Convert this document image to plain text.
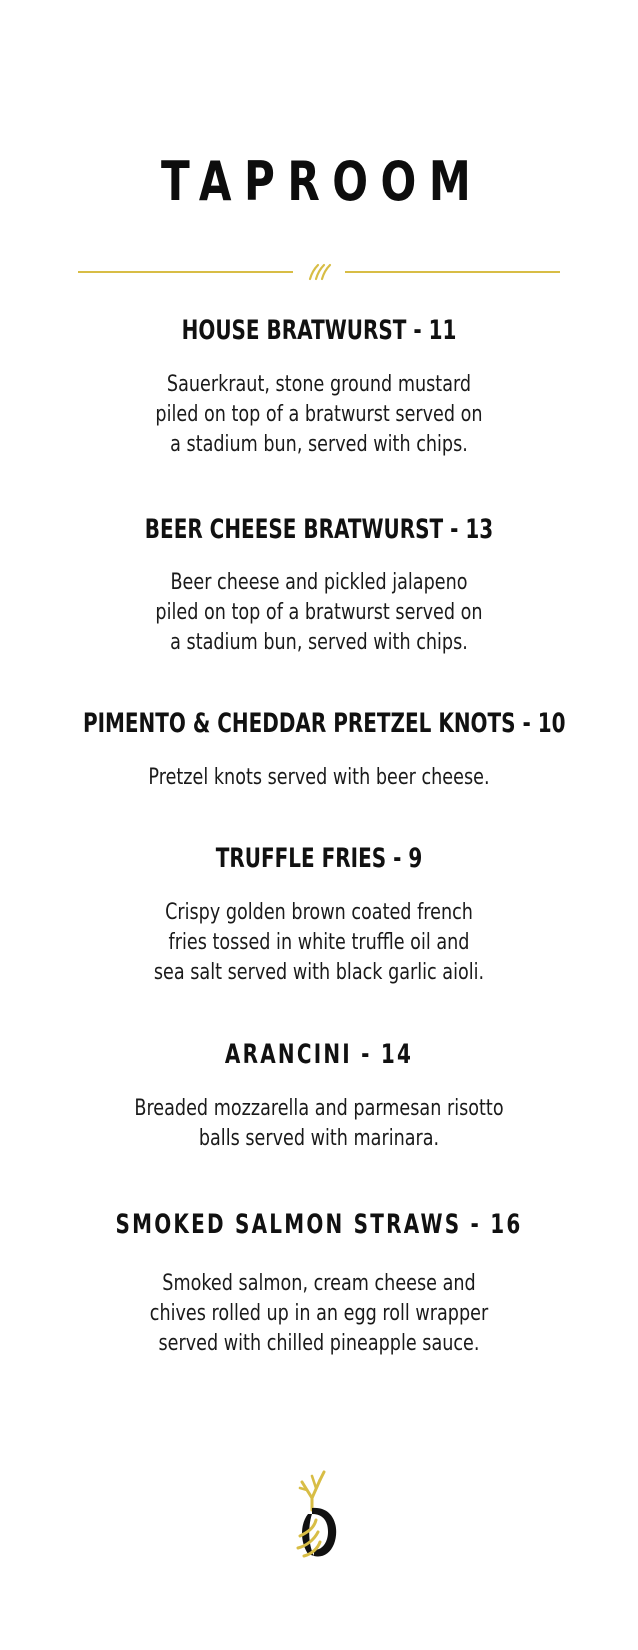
TAPROOM
HOUSE BRATWURST - 11
Sauerkraut, stone ground mustard
piled on top of a bratwurst served on
a stadium bun, served with chips.
BEER CHEESE BRATWURST - 13
Beer cheese and pickled jalapeno
piled on top of a bratwurst served on
a stadium bun, served with chips.
PIMENTO & CHEDDAR PRETZEL KNOTS - 10
Pretzel knots served with beer cheese.
TRUFFLE FRIES - 9
Crispy golden brown coated french
fries tossed in white truffle oil and
sea salt served with black garlic aioli.
ARANCINI - 14
Breaded mozzarella and parmesan risotto
balls served with marinara.
SMOKED SALMON STRAWS - 16
Smoked salmon, cream cheese and
chives rolled up in an egg roll wrapper
served with chilled pineapple sauce.
